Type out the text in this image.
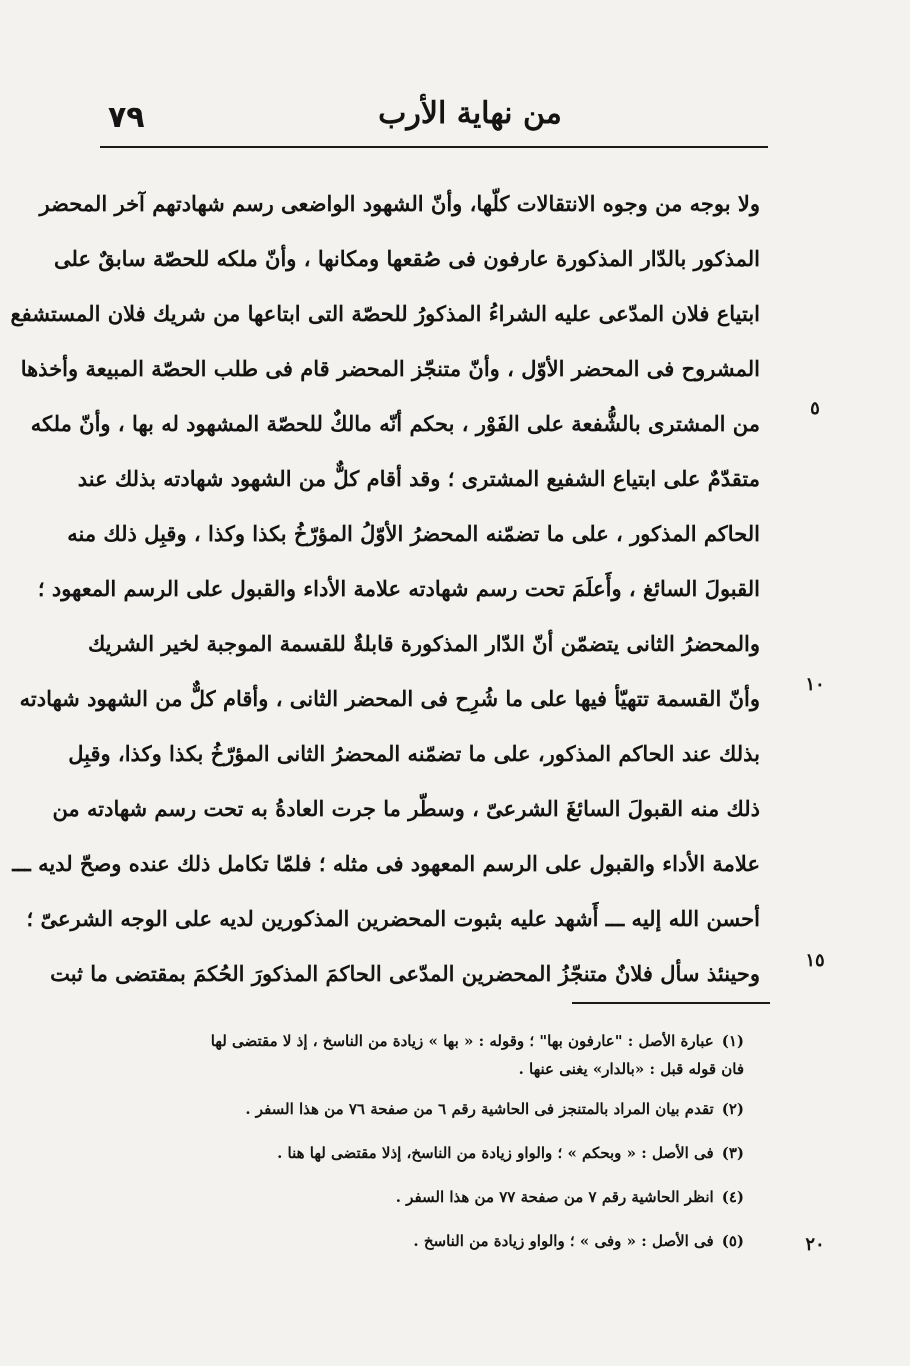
٧٩	من نهاية الأرب
ولا بوجه من وجوه الانتقالات كلّها، وأنّ الشهود الواضعى رسم شهادتهم آخر المحضر
المذكور بالدّار المذكورة عارفون فى صُقعها ومكانها ، وأنّ ملكه للحصّة سابقٌ على
ابتياع فلان المدّعى عليه الشراءُ المذكورُ للحصّة التى ابتاعها من شريك فلان المستشفع
المشروح فى المحضر الأوّل ، وأنّ متنجّز المحضر قام فى طلب الحصّة المبيعة وأخذها
من المشترى بالشُّفعة على الفَوْر ، بحكم أنّه مالكٌ للحصّة المشهود له بها ، وأنّ ملكه
متقدّمٌ على ابتياع الشفيع المشترى ؛ وقد أقام كلٌّ من الشهود شهادته بذلك عند
الحاكم المذكور ، على ما تضمّنه المحضرُ الأوّلُ المؤرّخُ بكذا وكذا ، وقبِل ذلك منه
القبولَ السائغ ، وأَعلَمَ تحت رسم شهادته علامة الأداء والقبول على الرسم المعهود ؛
والمحضرُ الثانى يتضمّن أنّ الدّار المذكورة قابلةٌ للقسمة الموجبة لخير الشريك
وأنّ القسمة تتهيّأ فيها على ما شُرِح فى المحضر الثانى ، وأقام كلٌّ من الشهود شهادته
بذلك عند الحاكم المذكور، على ما تضمّنه المحضرُ الثانى المؤرّخُ بكذا وكذا، وقبِل
ذلك منه القبولَ السائغَ الشرعىّ ، وسطّر ما جرت العادةُ به تحت رسم شهادته من
علامة الأداء والقبول على الرسم المعهود فى مثله ؛ فلمّا تكامل ذلك عنده وصحّ لديه ـــ
أحسن الله إليه ـــ أَشهد عليه بثبوت المحضرين المذكورين لديه على الوجه الشرعىّ ؛
وحينئذ سأل فلانٌ متنجّزُ المحضرين المدّعى الحاكمَ المذكورَ الحُكمَ بمقتضى ما ثبت
٥
١٠
١٥
٢٠
(١)عبارة الأصل : "عارفون بها" ؛ وقوله : « بها » زيادة من الناسخ ، إذ لا مقتضى لها
فان قوله قبل : «بالدار» يغنى عنها .
(٢)تقدم بيان المراد بالمتنجز فى الحاشية رقم ٦ من صفحة ٧٦ من هذا السفر .
(٣)فى الأصل : « وبحكم » ؛ والواو زيادة من الناسخ، إذلا مقتضى لها هنا .
(٤)انظر الحاشية رقم ٧ من صفحة ٧٧ من هذا السفر .
(٥)فى الأصل : « وفى » ؛ والواو زيادة من الناسخ .
